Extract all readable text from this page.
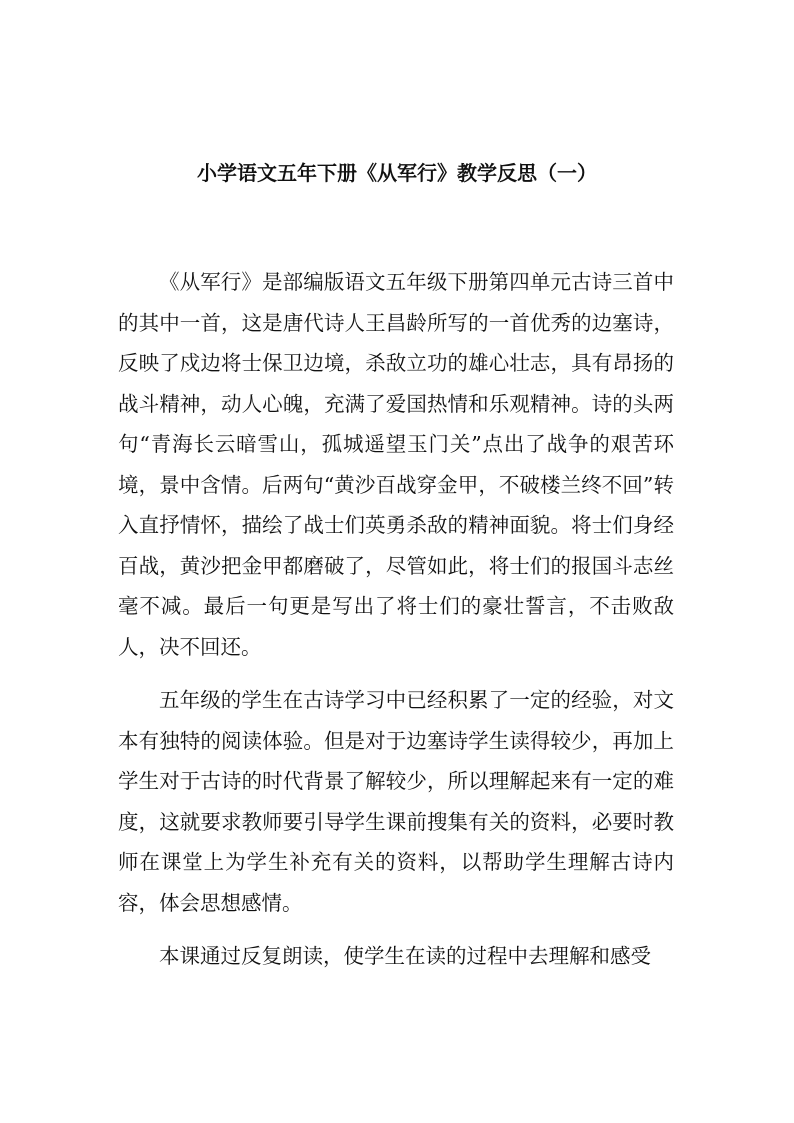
小学语文五年下册《从军行》教学反思（一）

《从军行》是部编版语文五年级下册第四单元古诗三首中的其中一首，这是唐代诗人王昌龄所写的一首优秀的边塞诗，反映了戍边将士保卫边境，杀敌立功的雄心壮志，具有昂扬的战斗精神，动人心魄，充满了爱国热情和乐观精神。诗的头两句“青海长云暗雪山，孤城遥望玉门关”点出了战争的艰苦环境，景中含情。后两句“黄沙百战穿金甲，不破楼兰终不回”转入直抒情怀，描绘了战士们英勇杀敌的精神面貌。将士们身经百战，黄沙把金甲都磨破了，尽管如此，将士们的报国斗志丝毫不减。最后一句更是写出了将士们的豪壮誓言，不击败敌人，决不回还。

五年级的学生在古诗学习中已经积累了一定的经验，对文本有独特的阅读体验。但是对于边塞诗学生读得较少，再加上学生对于古诗的时代背景了解较少，所以理解起来有一定的难度，这就要求教师要引导学生课前搜集有关的资料，必要时教师在课堂上为学生补充有关的资料，以帮助学生理解古诗内容，体会思想感情。

本课通过反复朗读，使学生在读的过程中去理解和感受
